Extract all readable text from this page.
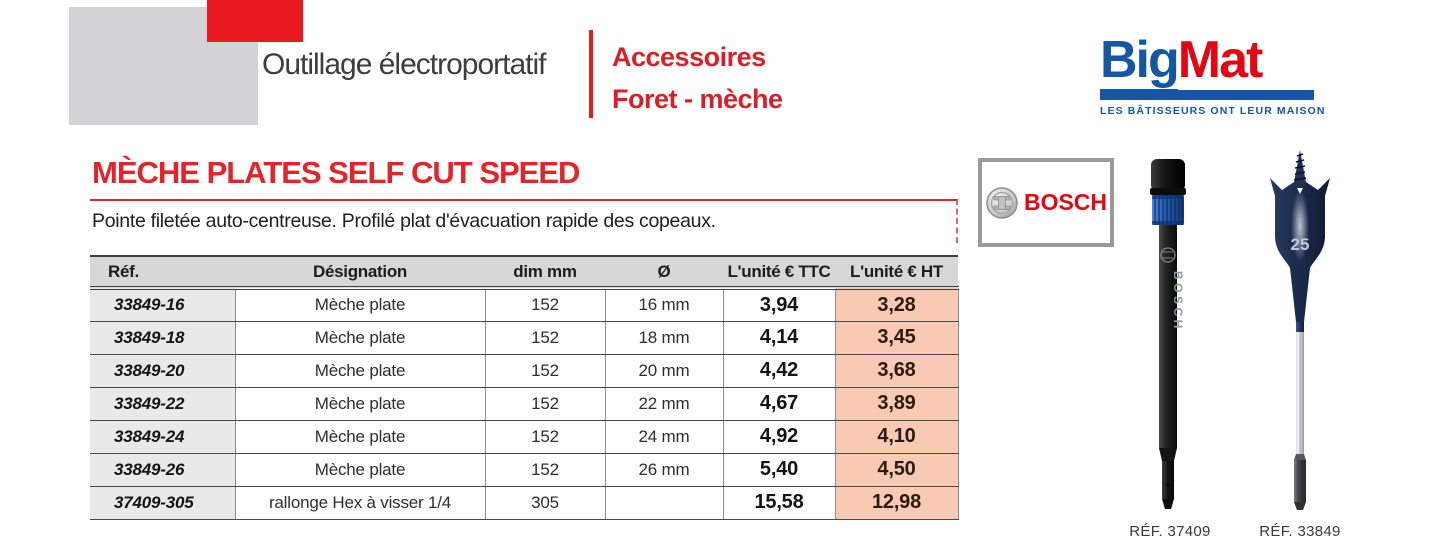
Outillage électroportatif Accessoires
Foret - mèche
BigMat
LES BÂTISSEURS ONT LEUR MAISON
MÈCHE PLATES SELF CUT SPEED
Pointe filetée auto-centreuse. Profilé plat d'évacuation rapide des copeaux.
Réf.	Désignation	dim mm	Ø	L'unité € TTC	L'unité € HT
33849-16	Mèche plate	152	16 mm	3,94	3,28
33849-18	Mèche plate	152	18 mm	4,14	3,45
33849-20	Mèche plate	152	20 mm	4,42	3,68
33849-22	Mèche plate	152	22 mm	4,67	3,89
33849-24	Mèche plate	152	24 mm	4,92	4,10
33849-26	Mèche plate	152	26 mm	5,40	4,50
37409-305	rallonge Hex à visser 1/4	305		15,58	12,98
BOSCH
BOSCH
25
RÉF. 37409	RÉF. 33849
